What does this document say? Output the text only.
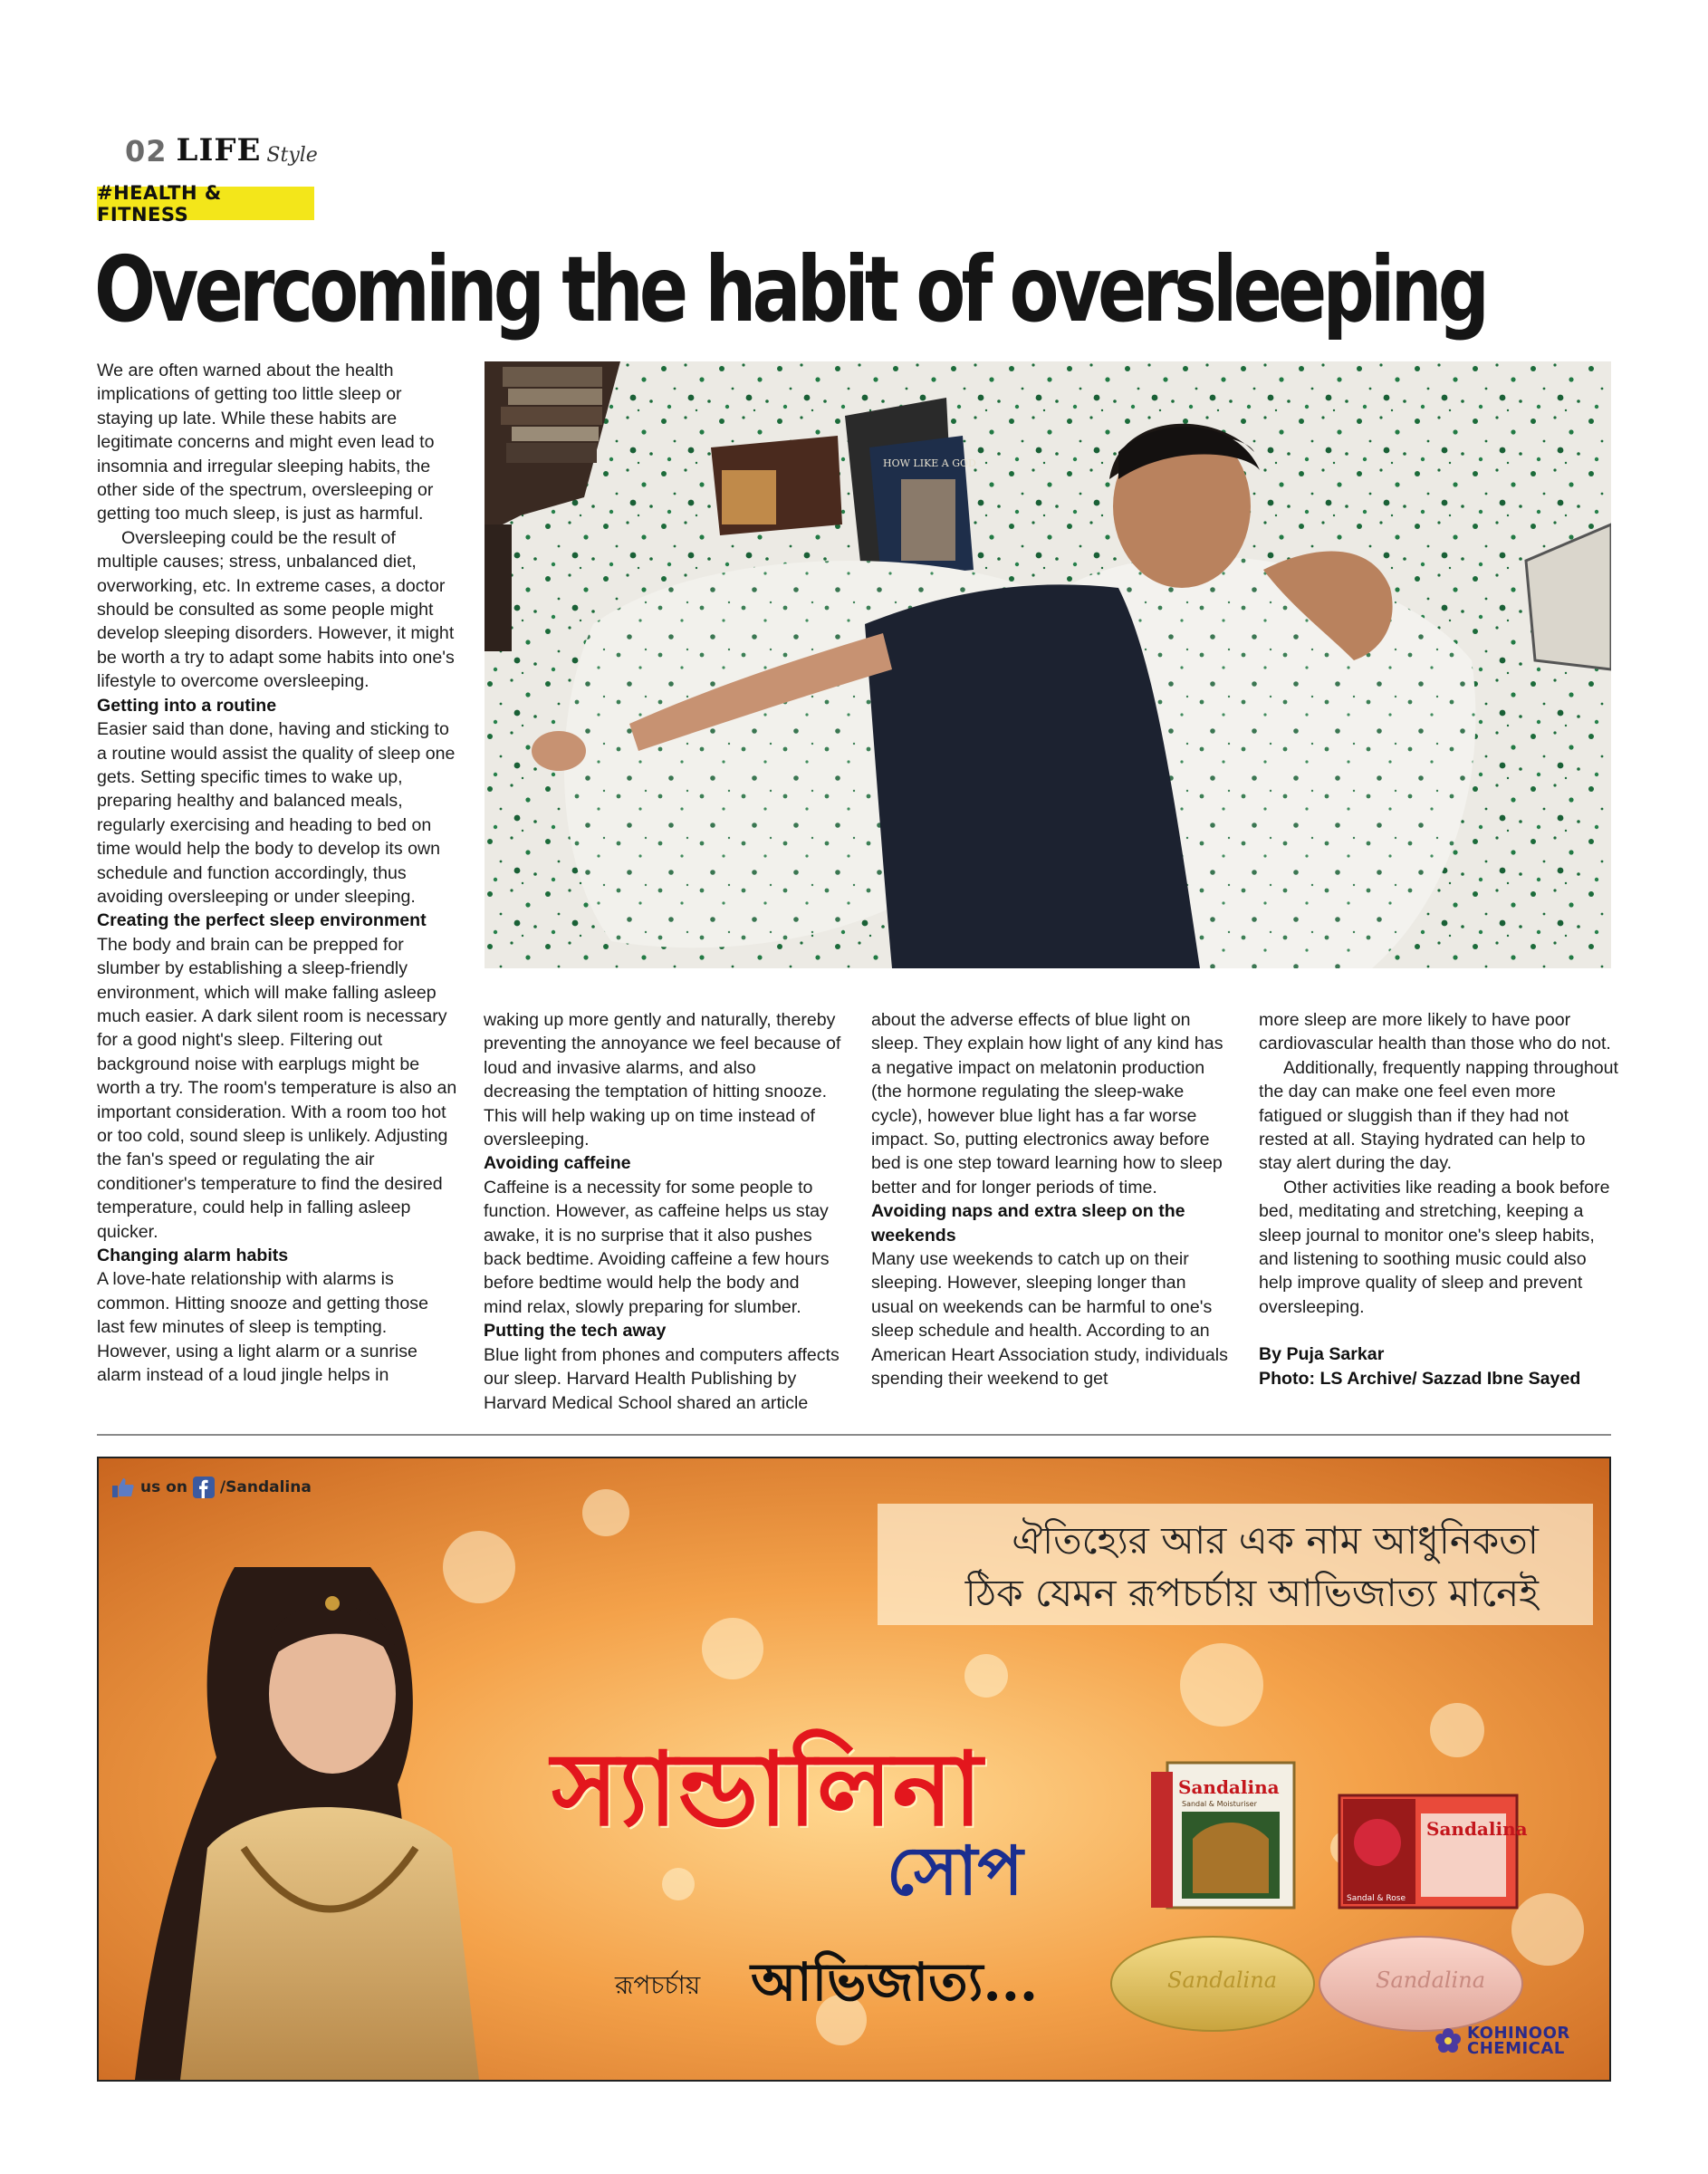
02 LIFE Style
#HEALTH & FITNESS
Overcoming the habit of oversleeping

We are often warned about the health implications of getting too little sleep or staying up late. While these habits are legitimate concerns and might even lead to insomnia and irregular sleeping habits, the other side of the spectrum, oversleeping or getting too much sleep, is just as harmful.

Oversleeping could be the result of multiple causes; stress, unbalanced diet, overworking, etc. In extreme cases, a doctor should be consulted as some people might develop sleeping disorders. However, it might be worth a try to adapt some habits into one's lifestyle to overcome oversleeping.

Getting into a routine

Easier said than done, having and sticking to a routine would assist the quality of sleep one gets. Setting specific times to wake up, preparing healthy and balanced meals, regularly exercising and heading to bed on time would help the body to develop its own schedule and function accordingly, thus avoiding oversleeping or under sleeping.

Creating the perfect sleep environment

The body and brain can be prepped for slumber by establishing a sleep-friendly environment, which will make falling asleep much easier. A dark silent room is necessary for a good night's sleep. Filtering out background noise with earplugs might be worth a try. The room's temperature is also an important consideration. With a room too hot or too cold, sound sleep is unlikely. Adjusting the fan's speed or regulating the air conditioner's temperature to find the desired temperature, could help in falling asleep quicker.

Changing alarm habits

A love-hate relationship with alarms is common. Hitting snooze and getting those last few minutes of sleep is tempting. However, using a light alarm or a sunrise alarm instead of a loud jingle helps in

HOW LIKE A GOD

waking up more gently and naturally, thereby preventing the annoyance we feel because of loud and invasive alarms, and also decreasing the temptation of hitting snooze. This will help waking up on time instead of oversleeping.

Avoiding caffeine

Caffeine is a necessity for some people to function. However, as caffeine helps us stay awake, it is no surprise that it also pushes back bedtime. Avoiding caffeine a few hours before bedtime would help the body and mind relax, slowly preparing for slumber.

Putting the tech away

Blue light from phones and computers affects our sleep. Harvard Health Publishing by Harvard Medical School shared an article

about the adverse effects of blue light on sleep. They explain how light of any kind has a negative impact on melatonin production (the hormone regulating the sleep-wake cycle), however blue light has a far worse impact. So, putting electronics away before bed is one step toward learning how to sleep better and for longer periods of time.

Avoiding naps and extra sleep on the weekends

Many use weekends to catch up on their sleeping. However, sleeping longer than usual on weekends can be harmful to one's sleep schedule and health. According to an American Heart Association study, individuals spending their weekend to get

more sleep are more likely to have poor cardiovascular health than those who do not.

Additionally, frequently napping throughout the day can make one feel even more fatigued or sluggish than if they had not rested at all. Staying hydrated can help to stay alert during the day.

Other activities like reading a book before bed, meditating and stretching, keeping a sleep journal to monitor one's sleep habits, and listening to soothing music could also help improve quality of sleep and prevent oversleeping.

By Puja Sarkar

Photo: LS Archive/ Sazzad Ibne Sayed

Sandalina
Sandal & Moisturiser
Sandalina
Sandal & Rose
Sandalina	Sandalina
us on /Sandalina
ঐতিহ্যের আর এক নাম আধুনিকতা
ঠিক যেমন রূপচর্চায় আভিজাত্য মানেই
স্যান্ডালিনা
সোপ
রূপচর্চায় আভিজাত্য...
KOHINOOR
CHEMICAL
